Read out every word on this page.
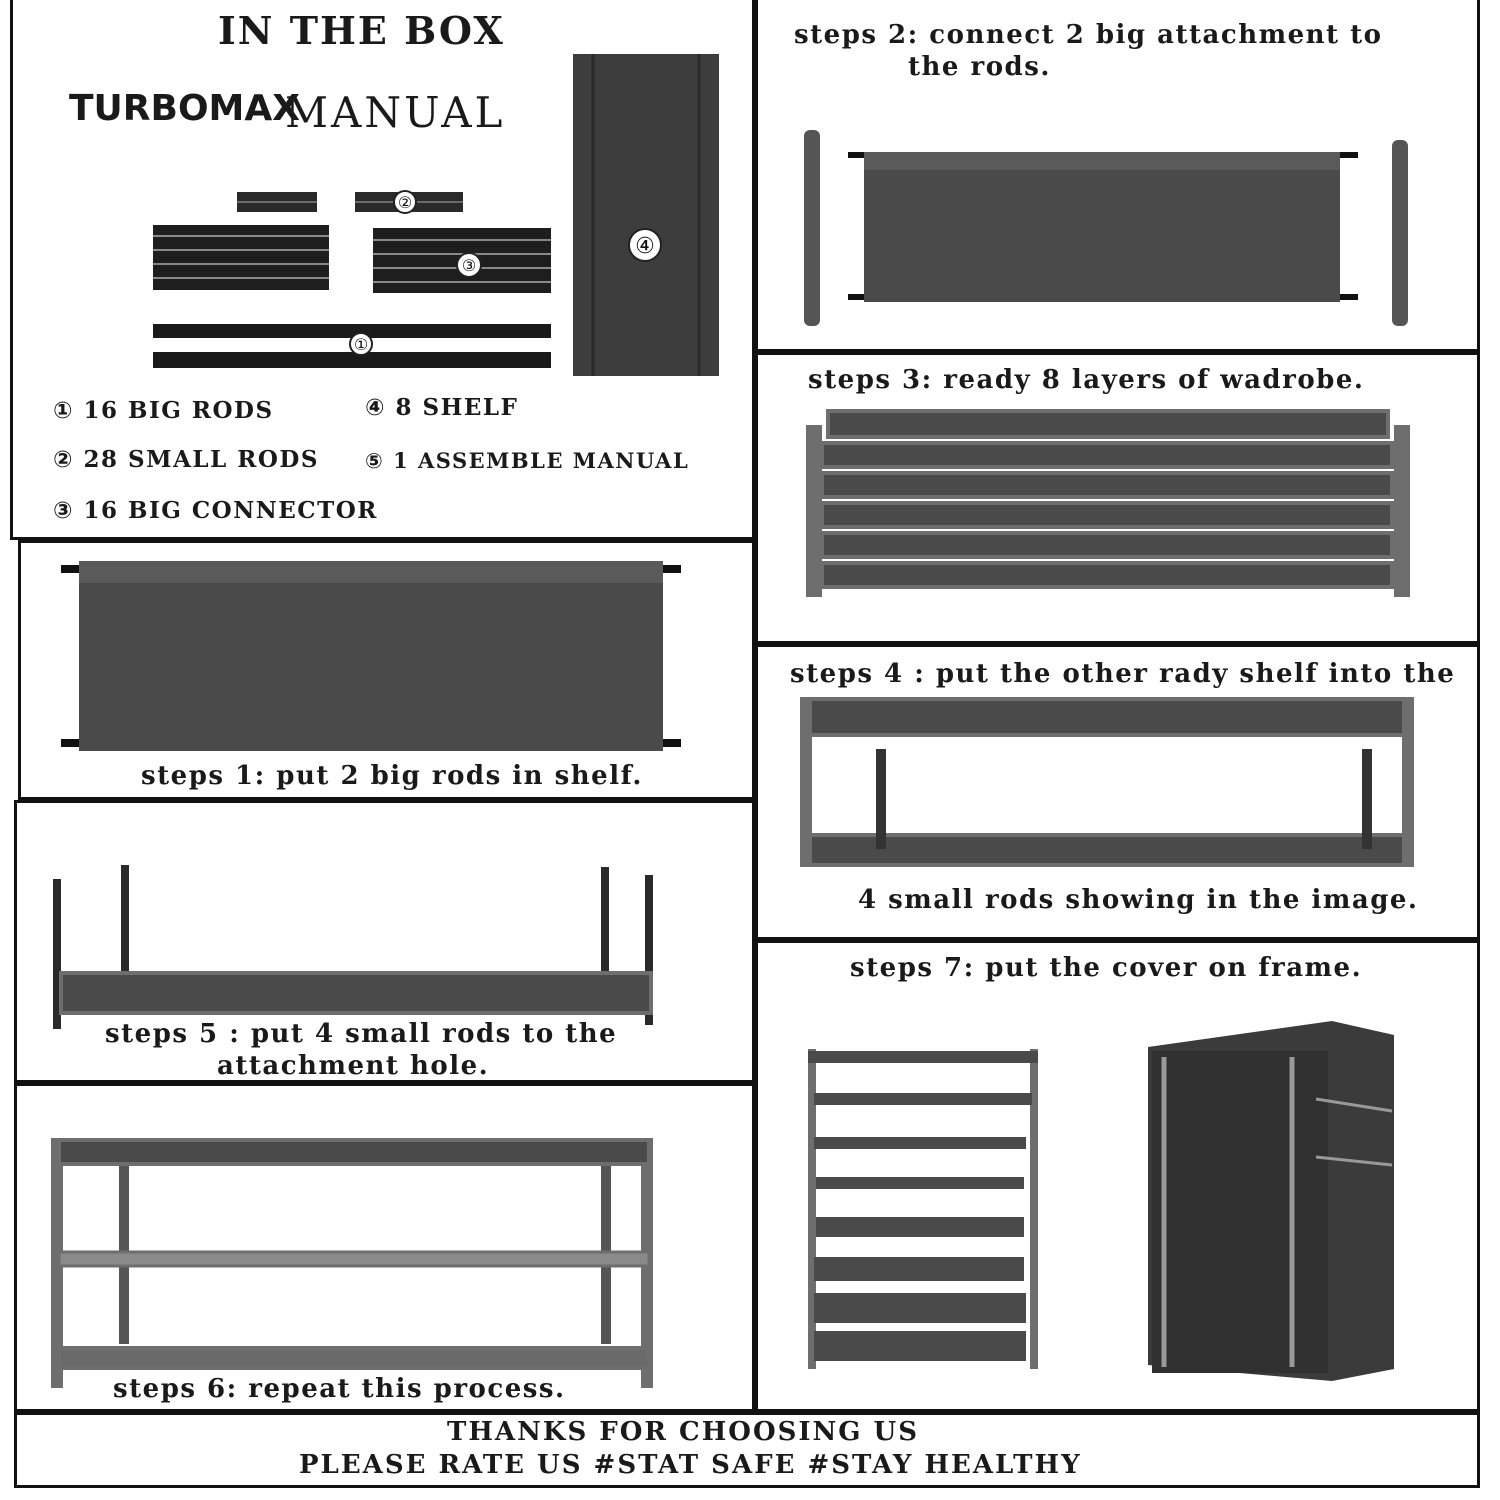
IN THE BOX
TURBOMAX
MANUAL
②
③
①
④
① 16 BIG RODS
② 28 SMALL RODS
③ 16 BIG CONNECTOR
④ 8 SHELF
⑤ 1 ASSEMBLE MANUAL
steps 2: connect 2 big attachment to
the rods.
steps 3: ready 8 layers of wadrobe.
steps 1: put 2 big rods in shelf.
steps 4 : put the other rady shelf into the
4 small rods showing in the image.
steps 5 : put 4 small rods to the
attachment hole.
steps 7: put the cover on frame.
steps 6: repeat this process.
THANKS FOR CHOOSING US
PLEASE RATE US #STAT SAFE #STAY HEALTHY
